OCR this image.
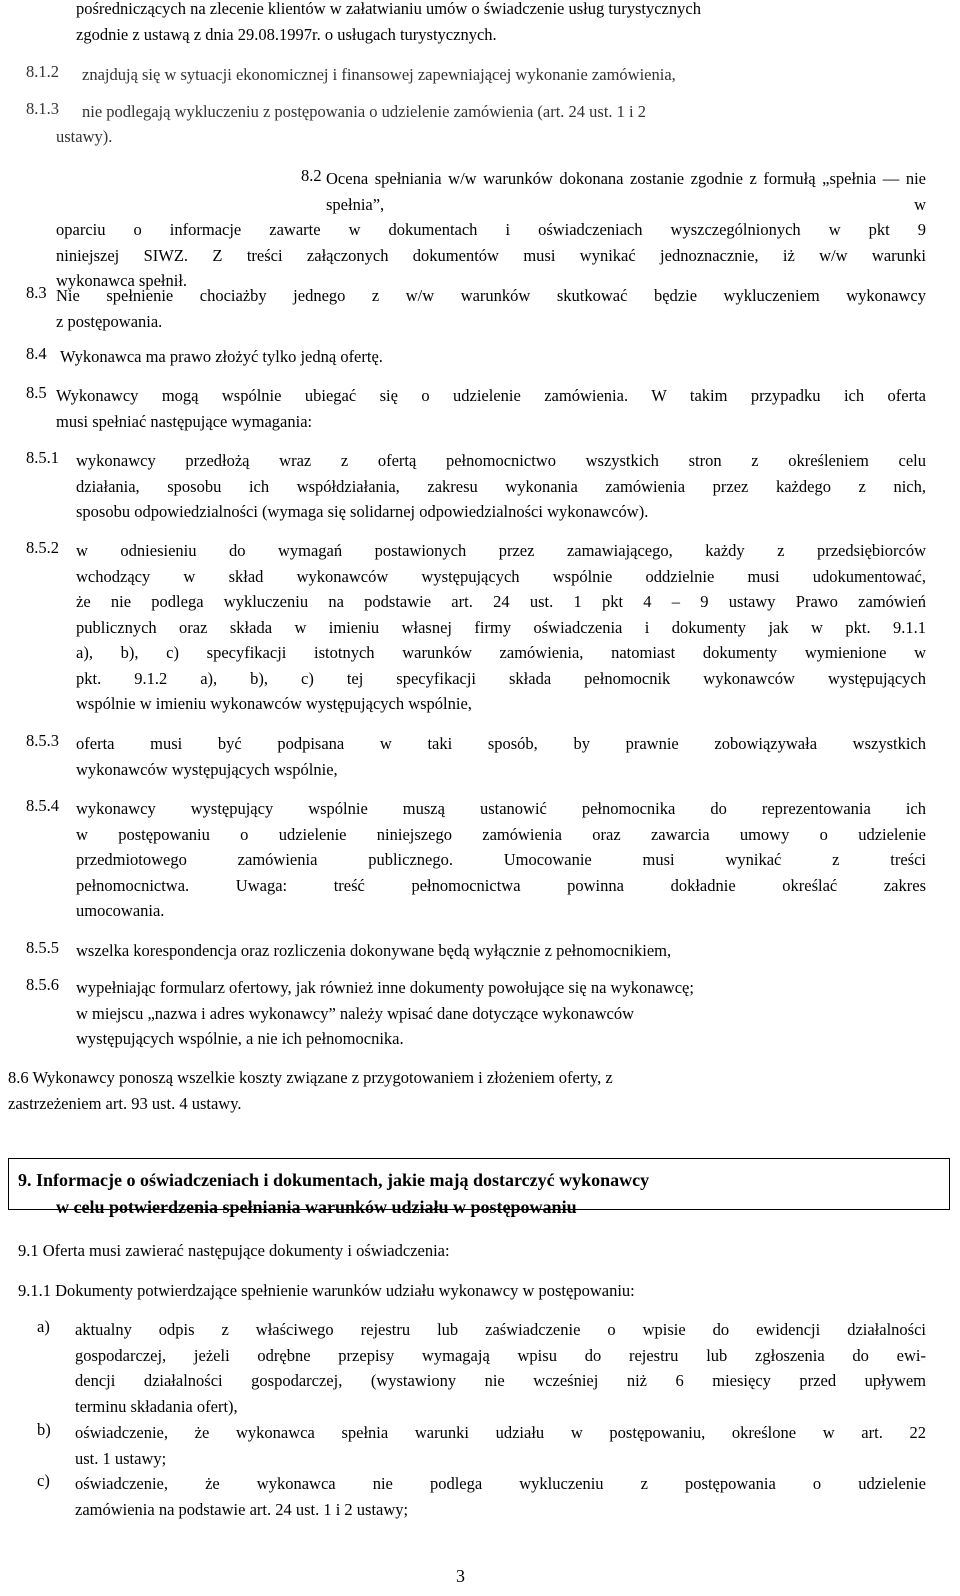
pośredniczących na zlecenie klientów w załatwianiu umów o świadczenie usług turystycznych
zgodnie z ustawą z dnia 29.08.1997r. o usługach turystycznych.
8.1.2 znajdują się w sytuacji ekonomicznej i finansowej zapewniającej wykonanie zamówienia,
8.1.3 nie podlegają wykluczeniu z postępowania o udzielenie zamówienia (art. 24 ust. 1 i 2
ustawy).
8.2 Ocena spełniania w/w warunków dokonana zostanie zgodnie z formułą „spełnia — nie spełnia”, w
oparciu o informacje zawarte w dokumentach i oświadczeniach wyszczególnionych w pkt 9
niniejszej SIWZ. Z treści załączonych dokumentów musi wynikać jednoznacznie, iż w/w warunki
wykonawca spełnił.
8.3 Nie spełnienie chociażby jednego z w/w warunków skutkować będzie wykluczeniem wykonawcy
z postępowania.
8.4 Wykonawca ma prawo złożyć tylko jedną ofertę.
8.5 Wykonawcy mogą wspólnie ubiegać się o udzielenie zamówienia. W takim przypadku ich oferta
musi spełniać następujące wymagania:
8.5.1 wykonawcy przedłożą wraz z ofertą pełnomocnictwo wszystkich stron z określeniem celu
działania, sposobu ich współdziałania, zakresu wykonania zamówienia przez każdego z nich,
sposobu odpowiedzialności (wymaga się solidarnej odpowiedzialności wykonawców).
8.5.2 w odniesieniu do wymagań postawionych przez zamawiającego, każdy z przedsiębiorców
wchodzący w skład wykonawców występujących wspólnie oddzielnie musi udokumentować,
że nie podlega wykluczeniu na podstawie art. 24 ust. 1 pkt 4 – 9 ustawy Prawo zamówień
publicznych oraz składa w imieniu własnej firmy oświadczenia i dokumenty jak w pkt. 9.1.1
a), b), c) specyfikacji istotnych warunków zamówienia, natomiast dokumenty wymienione w
pkt. 9.1.2 a), b), c) tej specyfikacji składa pełnomocnik wykonawców występujących
wspólnie w imieniu wykonawców występujących wspólnie,
8.5.3 oferta musi być podpisana w taki sposób, by prawnie zobowiązywała wszystkich
wykonawców występujących wspólnie,
8.5.4 wykonawcy występujący wspólnie muszą ustanowić pełnomocnika do reprezentowania ich
w postępowaniu o udzielenie niniejszego zamówienia oraz zawarcia umowy o udzielenie
przedmiotowego zamówienia publicznego. Umocowanie musi wynikać z treści
pełnomocnictwa. Uwaga: treść pełnomocnictwa powinna dokładnie określać zakres
umocowania.
8.5.5 wszelka korespondencja oraz rozliczenia dokonywane będą wyłącznie z pełnomocnikiem,
8.5.6 wypełniając formularz ofertowy, jak również inne dokumenty powołujące się na wykonawcę;
w miejscu „nazwa i adres wykonawcy” należy wpisać dane dotyczące wykonawców
występujących wspólnie, a nie ich pełnomocnika.
8.6 Wykonawcy ponoszą wszelkie koszty związane z przygotowaniem i złożeniem oferty, z
zastrzeżeniem art. 93 ust. 4 ustawy.
9. Informacje o oświadczeniach i dokumentach, jakie mają dostarczyć wykonawcy
w celu potwierdzenia spełniania warunków udziału w postępowaniu
9.1 Oferta musi zawierać następujące dokumenty i oświadczenia:
9.1.1 Dokumenty potwierdzające spełnienie warunków udziału wykonawcy w postępowaniu:
a) aktualny odpis z właściwego rejestru lub zaświadczenie o wpisie do ewidencji działalności
gospodarczej, jeżeli odrębne przepisy wymagają wpisu do rejestru lub zgłoszenia do ewi-
dencji działalności gospodarczej, (wystawiony nie wcześniej niż 6 miesięcy przed upływem
terminu składania ofert),
b) oświadczenie, że wykonawca spełnia warunki udziału w postępowaniu, określone w art. 22
ust. 1 ustawy;
c) oświadczenie, że wykonawca nie podlega wykluczeniu z postępowania o udzielenie
zamówienia na podstawie art. 24 ust. 1 i 2 ustawy;
3
